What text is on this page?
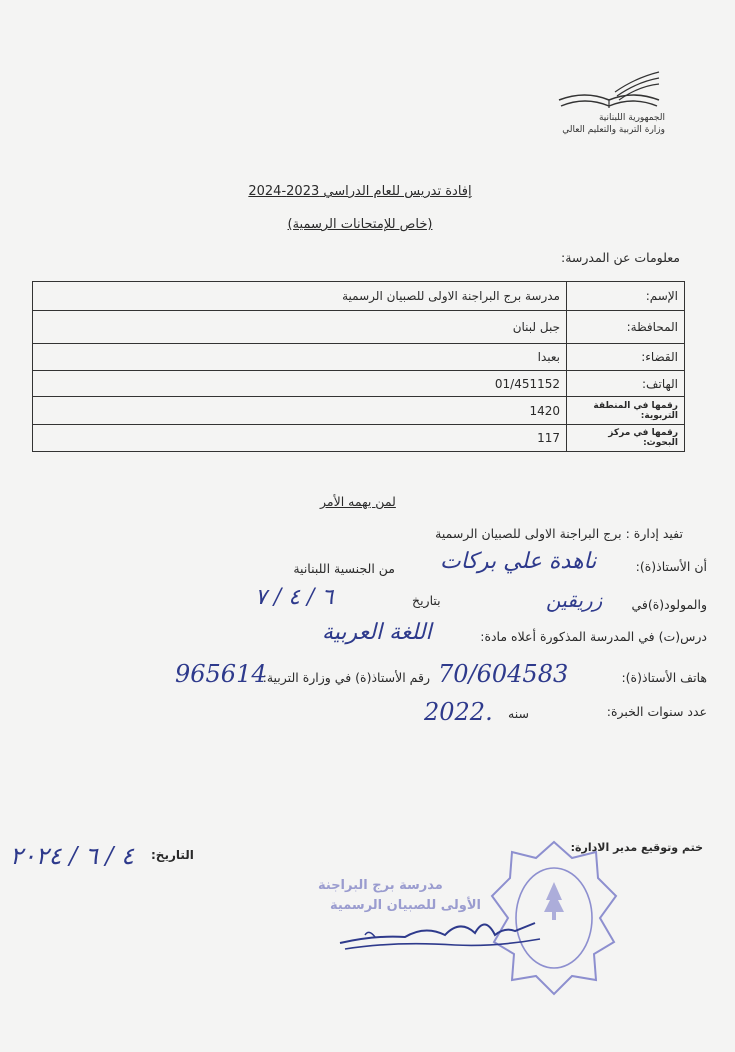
الجمهورية اللبنانية
وزارة التربية والتعليم العالي
إفادة تدريس للعام الدراسي 2023-2024
(خاص للإمتحانات الرسمية)
معلومات عن المدرسة:
الإسم:	مدرسة برج البراجنة الاولى للصبيان الرسمية
المحافظة:	جبل لبنان
القضاء:	بعبدا
الهاتف:	01/451152
رقمها في المنطقة التربوية:	1420
رقمها في مركز البحوث:	117
لمن يهمه الأمر
تفيد إدارة : برج البراجنة الاولى للصبيان الرسمية
أن الأستاذ(ة):
ناهدة علي بركات
من الجنسية اللبنانية
والمولود(ة)في
زريقين
بتاريخ
٦ / ٤ / ٧
درس(ت) في المدرسة المذكورة أعلاه مادة:
اللغة العربية
هاتف الأستاذ(ة):
70/604583
رقم الأستاذ(ة) في وزارة التربية:
965614
عدد سنوات الخبرة:
سنه
2022.
ختم وتوقيع مدير الادارة:
التاريخ:
٤ / ٦ / ٢٠٢٤
مدرسة برج البراجنة
الأولى للصبيان الرسمية
